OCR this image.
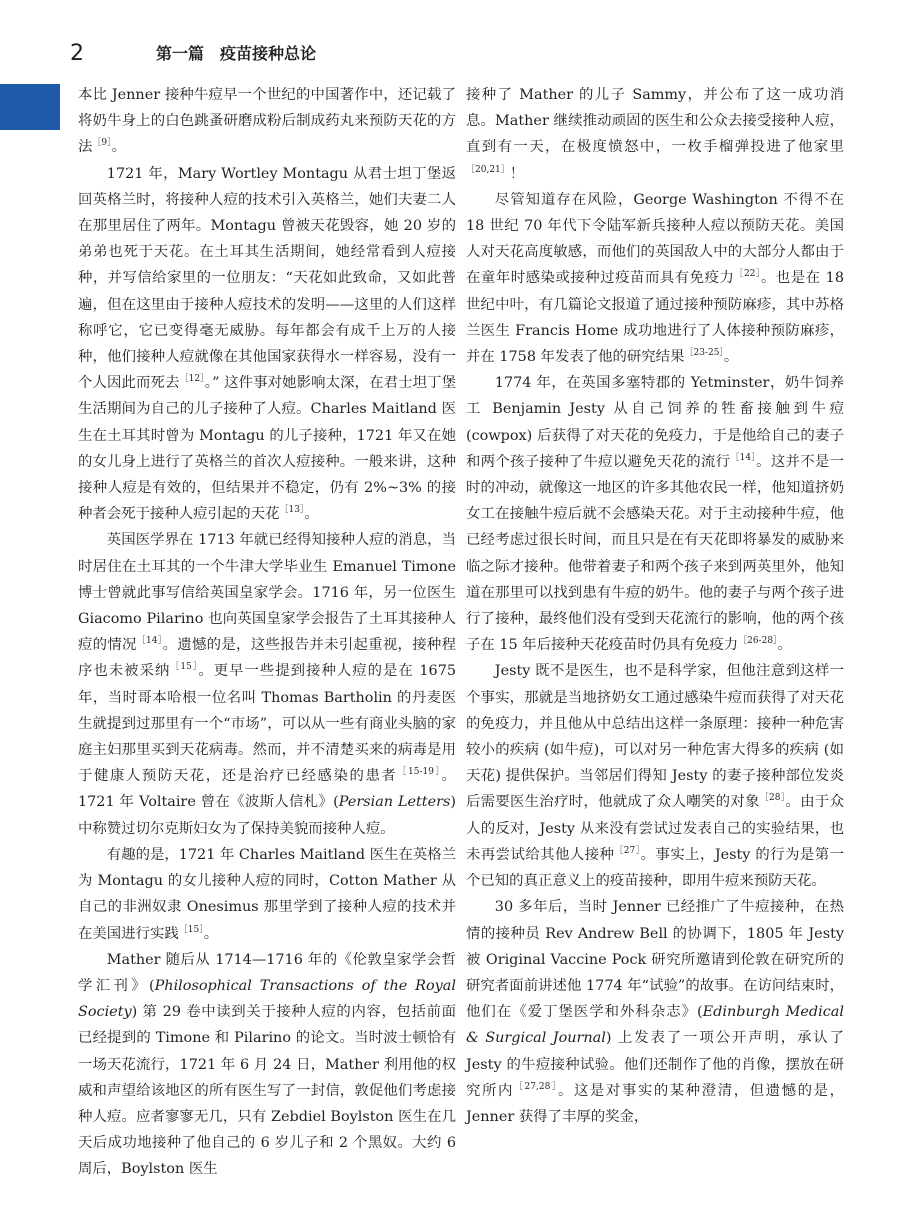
2	第一篇　疫苗接种总论

本比 Jenner 接种牛痘早一个世纪的中国著作中，还记载了将奶牛身上的白色跳蚤研磨成粉后制成药丸来预防天花的方法$^{[9]}$。

1721 年，Mary Wortley Montagu 从君士坦丁堡返回英格兰时，将接种人痘的技术引入英格兰，她们夫妻二人在那里居住了两年。Montagu 曾被天花毁容，她 20 岁的弟弟也死于天花。在土耳其生活期间，她经常看到人痘接种，并写信给家里的一位朋友：“天花如此致命，又如此普遍，但在这里由于接种人痘技术的发明——这里的人们这样称呼它，它已变得毫无威胁。每年都会有成千上万的人接种，他们接种人痘就像在其他国家获得水一样容易，没有一个人因此而死去$^{[12]}$。” 这件事对她影响太深，在君士坦丁堡生活期间为自己的儿子接种了人痘。Charles Maitland 医生在土耳其时曾为 Montagu 的儿子接种，1721 年又在她的女儿身上进行了英格兰的首次人痘接种。一般来讲，这种接种人痘是有效的，但结果并不稳定，仍有 2%~3% 的接种者会死于接种人痘引起的天花$^{[13]}$。

英国医学界在 1713 年就已经得知接种人痘的消息，当时居住在土耳其的一个牛津大学毕业生 Emanuel Timone 博士曾就此事写信给英国皇家学会。1716 年，另一位医生 Giacomo Pilarino 也向英国皇家学会报告了土耳其接种人痘的情况$^{[14]}$。遗憾的是，这些报告并未引起重视，接种程序也未被采纳$^{[15]}$。更早一些提到接种人痘的是在 1675 年，当时哥本哈根一位名叫 Thomas Bartholin 的丹麦医生就提到过那里有一个“市场”，可以从一些有商业头脑的家庭主妇那里买到天花病毒。然而，并不清楚买来的病毒是用于健康人预防天花，还是治疗已经感染的患者$^{[15-19]}$。1721 年 Voltaire 曾在《波斯人信札》(Persian Letters) 中称赞过切尔克斯妇女为了保持美貌而接种人痘。

有趣的是，1721 年 Charles Maitland 医生在英格兰为 Montagu 的女儿接种人痘的同时，Cotton Mather 从自己的非洲奴隶 Onesimus 那里学到了接种人痘的技术并在美国进行实践$^{[15]}$。

Mather 随后从 1714—1716 年的《伦敦皇家学会哲学汇刊》(Philosophical Transactions of the Royal Society) 第 29 卷中读到关于接种人痘的内容，包括前面已经提到的 Timone 和 Pilarino 的论文。当时波士顿恰有一场天花流行，1721 年 6 月 24 日，Mather 利用他的权威和声望给该地区的所有医生写了一封信，敦促他们考虑接种人痘。应者寥寥无几，只有 Zebdiel Boylston 医生在几天后成功地接种了他自己的 6 岁儿子和 2 个黑奴。大约 6 周后，Boylston 医生

接种了 Mather 的儿子 Sammy，并公布了这一成功消息。Mather 继续推动顽固的医生和公众去接受接种人痘，直到有一天，在极度愤怒中，一枚手榴弹投进了他家里$^{[20,21]}$！

尽管知道存在风险，George Washington 不得不在 18 世纪 70 年代下令陆军新兵接种人痘以预防天花。美国人对天花高度敏感，而他们的英国敌人中的大部分人都由于在童年时感染或接种过疫苗而具有免疫力$^{[22]}$。也是在 18 世纪中叶，有几篇论文报道了通过接种预防麻疹，其中苏格兰医生 Francis Home 成功地进行了人体接种预防麻疹，并在 1758 年发表了他的研究结果$^{[23-25]}$。

1774 年，在英国多塞特郡的 Yetminster，奶牛饲养工 Benjamin Jesty 从自己饲养的牲畜接触到牛痘 (cowpox) 后获得了对天花的免疫力，于是他给自己的妻子和两个孩子接种了牛痘以避免天花的流行$^{[14]}$。这并不是一时的冲动，就像这一地区的许多其他农民一样，他知道挤奶女工在接触牛痘后就不会感染天花。对于主动接种牛痘，他已经考虑过很长时间，而且只是在有天花即将暴发的威胁来临之际才接种。他带着妻子和两个孩子来到两英里外，他知道在那里可以找到患有牛痘的奶牛。他的妻子与两个孩子进行了接种，最终他们没有受到天花流行的影响，他的两个孩子在 15 年后接种天花疫苗时仍具有免疫力$^{[26-28]}$。

Jesty 既不是医生，也不是科学家，但他注意到这样一个事实，那就是当地挤奶女工通过感染牛痘而获得了对天花的免疫力，并且他从中总结出这样一条原理：接种一种危害较小的疾病 (如牛痘)，可以对另一种危害大得多的疾病 (如天花) 提供保护。当邻居们得知 Jesty 的妻子接种部位发炎后需要医生治疗时，他就成了众人嘲笑的对象$^{[28]}$。由于众人的反对，Jesty 从来没有尝试过发表自己的实验结果，也未再尝试给其他人接种$^{[27]}$。事实上，Jesty 的行为是第一个已知的真正意义上的疫苗接种，即用牛痘来预防天花。

30 多年后，当时 Jenner 已经推广了牛痘接种，在热情的接种员 Rev Andrew Bell 的协调下，1805 年 Jesty 被 Original Vaccine Pock 研究所邀请到伦敦在研究所的研究者面前讲述他 1774 年“试验”的故事。在访问结束时，他们在《爱丁堡医学和外科杂志》(Edinburgh Medical & Surgical Journal) 上发表了一项公开声明，承认了 Jesty 的牛痘接种试验。他们还制作了他的肖像，摆放在研究所内$^{[27,28]}$。这是对事实的某种澄清，但遗憾的是，Jenner 获得了丰厚的奖金，
